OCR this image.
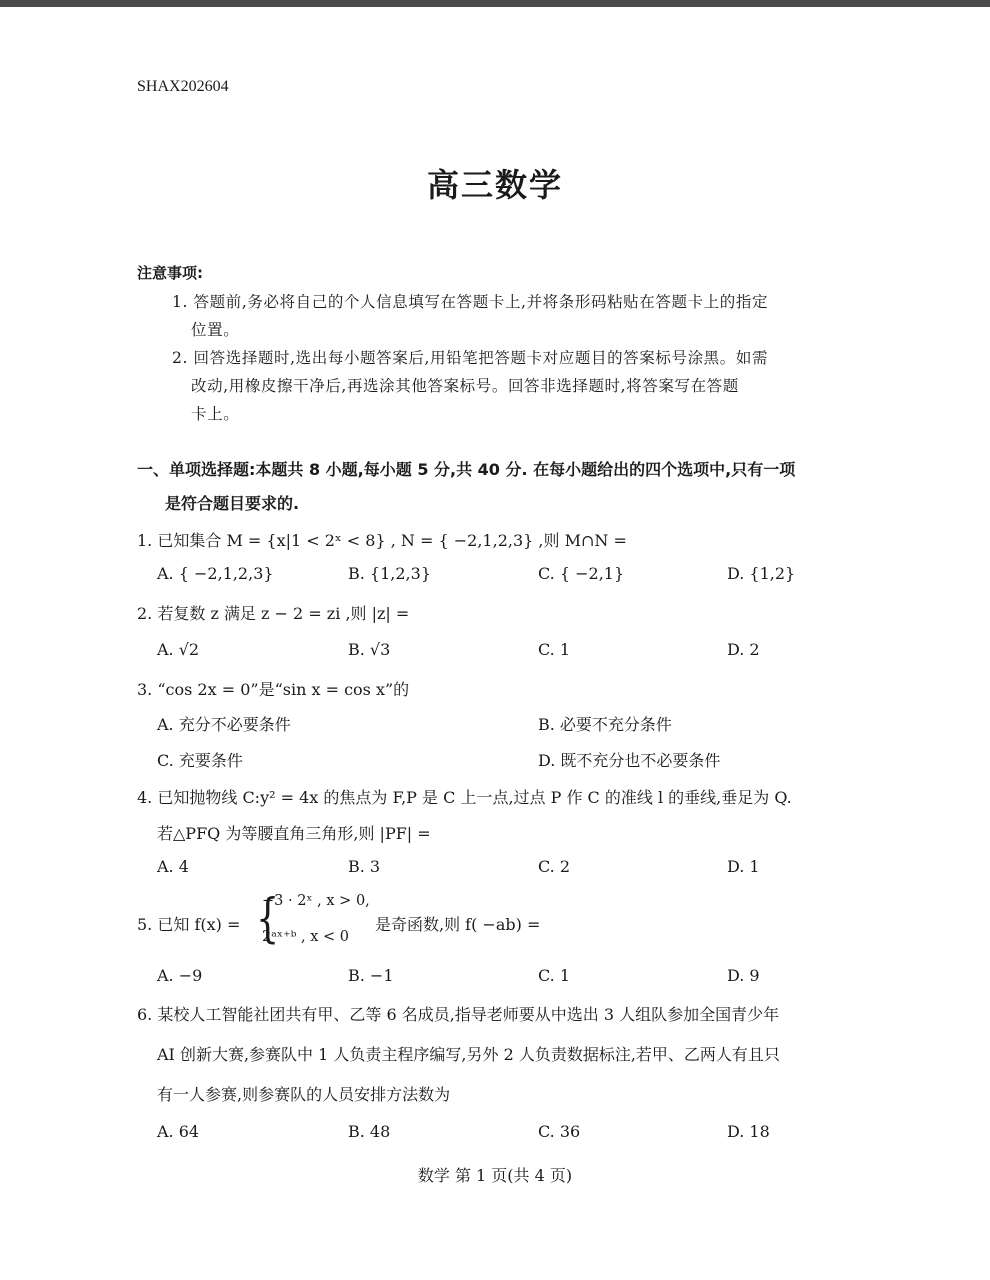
SHAX202604
高三数学
注意事项:
1. 答题前,务必将自己的个人信息填写在答题卡上,并将条形码粘贴在答题卡上的指定
位置。
2. 回答选择题时,选出每小题答案后,用铅笔把答题卡对应题目的答案标号涂黑。如需
改动,用橡皮擦干净后,再选涂其他答案标号。回答非选择题时,将答案写在答题
卡上。
一、单项选择题:本题共 8 小题,每小题 5 分,共 40 分. 在每小题给出的四个选项中,只有一项
是符合题目要求的.
1. 已知集合 M = {x|1 < 2ˣ < 8} , N = { −2,1,2,3} ,则 M∩N =
A. { −2,1,2,3}	B. {1,2,3}	C. { −2,1}	D. {1,2}
2. 若复数 z 满足 z − 2 = zi ,则 |z| =
A. √2	B. √3	C. 1	D. 2
3. “cos 2x = 0”是“sin x = cos x”的
A. 充分不必要条件	B. 必要不充分条件
C. 充要条件	D. 既不充分也不必要条件
4. 已知抛物线 C:y² = 4x 的焦点为 F,P 是 C 上一点,过点 P 作 C 的准线 l 的垂线,垂足为 Q.
若△PFQ 为等腰直角三角形,则 |PF| =
A. 4	B. 3	C. 2	D. 1
5. 已知 f(x) = {
−3 · 2ˣ , x > 0,
2ᵃˣ⁺ᵇ , x < 0
是奇函数,则 f( −ab) =
A. −9	B. −1	C. 1	D. 9
6. 某校人工智能社团共有甲、乙等 6 名成员,指导老师要从中选出 3 人组队参加全国青少年
AI 创新大赛,参赛队中 1 人负责主程序编写,另外 2 人负责数据标注,若甲、乙两人有且只
有一人参赛,则参赛队的人员安排方法数为
A. 64	B. 48	C. 36	D. 18
数学 第 1 页(共 4 页)
